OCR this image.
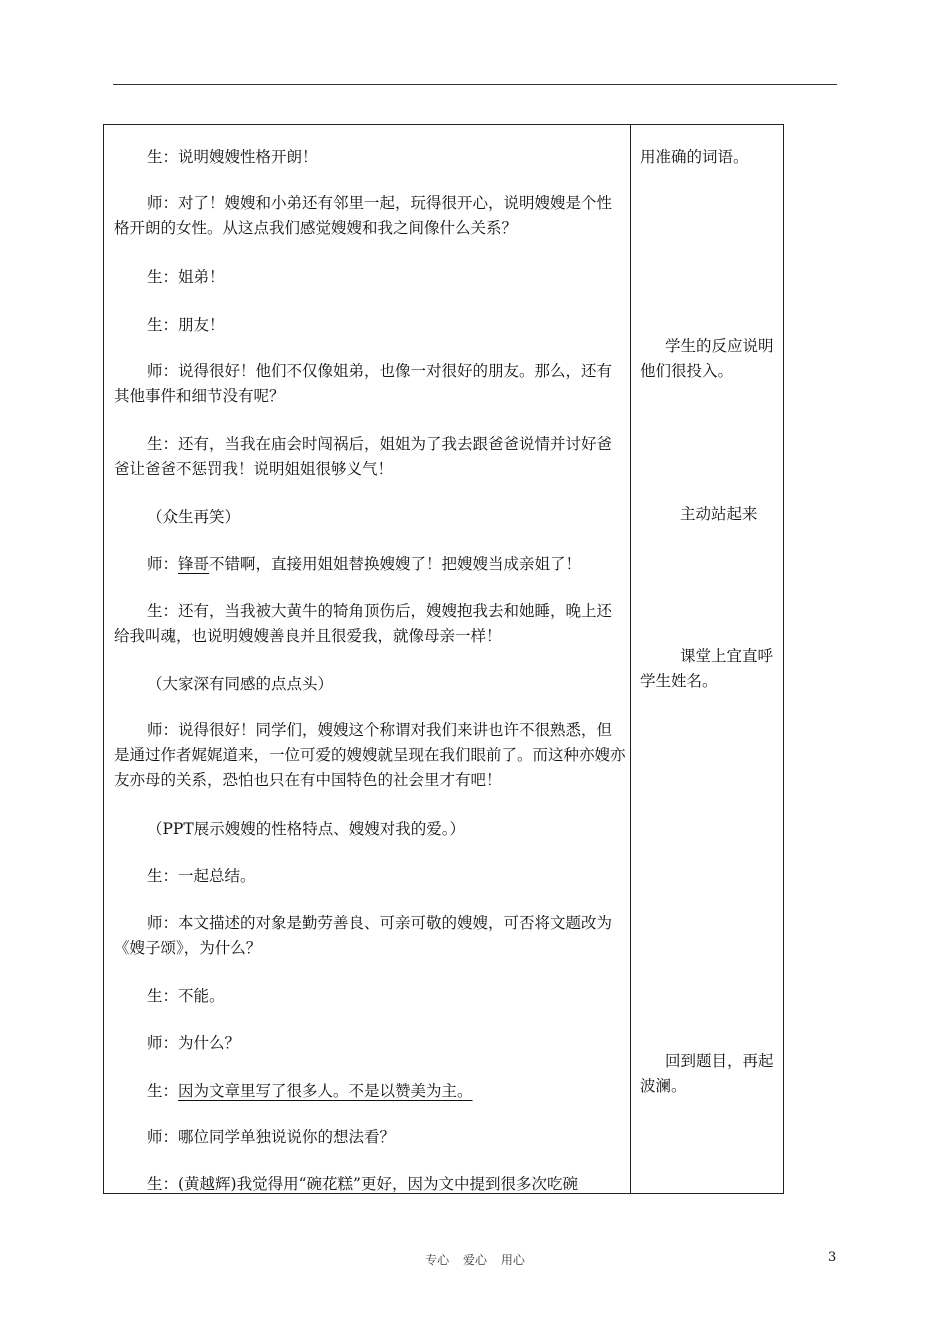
生：说明嫂嫂性格开朗！

师：对了！嫂嫂和小弟还有邻里一起，玩得很开心，说明嫂嫂是个性格开朗的女性。从这点我们感觉嫂嫂和我之间像什么关系？

生：姐弟！

生：朋友！

师：说得很好！他们不仅像姐弟，也像一对很好的朋友。那么，还有其他事件和细节没有呢？

生：还有，当我在庙会时闯祸后，姐姐为了我去跟爸爸说情并讨好爸爸让爸爸不惩罚我！说明姐姐很够义气！

（众生再笑）

师：锋哥不错啊，直接用姐姐替换嫂嫂了！把嫂嫂当成亲姐了！

生：还有，当我被大黄牛的犄角顶伤后，嫂嫂抱我去和她睡，晚上还给我叫魂，也说明嫂嫂善良并且很爱我，就像母亲一样！

（大家深有同感的点点头）

师：说得很好！同学们，嫂嫂这个称谓对我们来讲也许不很熟悉，但是通过作者娓娓道来，一位可爱的嫂嫂就呈现在我们眼前了。而这种亦嫂亦友亦母的关系，恐怕也只在有中国特色的社会里才有吧！

（PPT展示嫂嫂的性格特点、嫂嫂对我的爱。）

生：一起总结。

师：本文描述的对象是勤劳善良、可亲可敬的嫂嫂，可否将文题改为《嫂子颂》，为什么？

生：不能。

师：为什么？

生：因为文章里写了很多人。不是以赞美为主。

师：哪位同学单独说说你的想法看？

生：(黄越辉)我觉得用“碗花糕”更好，因为文中提到很多次吃碗

用准确的词语。

学生的反应说明他们很投入。

主动站起来

课堂上宜直呼学生姓名。

回到题目，再起波澜。

专心 爱心 用心	3
